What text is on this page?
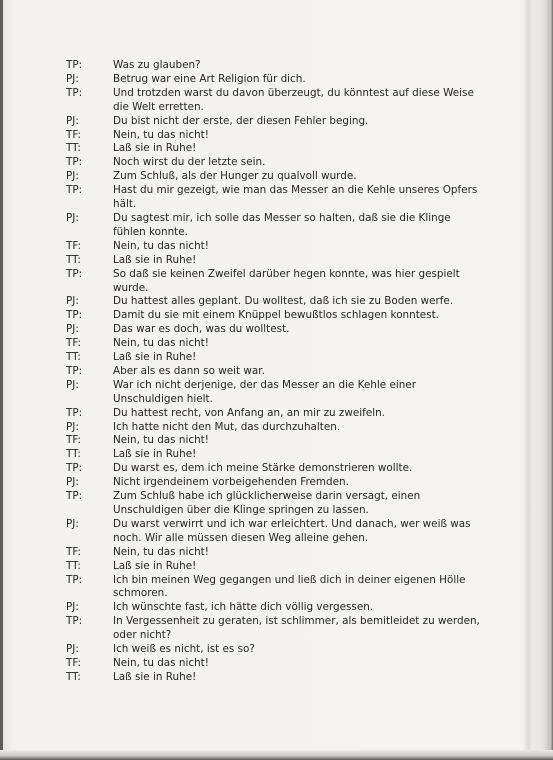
TP:	Was zu glauben?
PJ:	Betrug war eine Art Religion für dich.
TP:	Und trotzden warst du davon überzeugt, du könntest auf diese Weise die Welt erretten.
PJ:	Du bist nicht der erste, der diesen Fehler beging.
TF:	Nein, tu das nicht!
TT:	Laß sie in Ruhe!
TP:	Noch wirst du der letzte sein.
PJ:	Zum Schluß, als der Hunger zu qualvoll wurde.
TP:	Hast du mir gezeigt, wie man das Messer an die Kehle unseres Opfers hält.
PJ:	Du sagtest mir, ich solle das Messer so halten, daß sie die Klinge fühlen konnte.
TF:	Nein, tu das nicht!
TT:	Laß sie in Ruhe!
TP:	So daß sie keinen Zweifel darüber hegen konnte, was hier gespielt wurde.
PJ:	Du hattest alles geplant. Du wolltest, daß ich sie zu Boden werfe.
TP:	Damit du sie mit einem Knüppel bewußtlos schlagen konntest.
PJ:	Das war es doch, was du wolltest.
TF:	Nein, tu das nicht!
TT:	Laß sie in Ruhe!
TP:	Aber als es dann so weit war.
PJ:	War ich nicht derjenige, der das Messer an die Kehle einer Unschuldigen hielt.
TP:	Du hattest recht, von Anfang an, an mir zu zweifeln.
PJ:	Ich hatte nicht den Mut, das durchzuhalten.
TF:	Nein, tu das nicht!
TT:	Laß sie in Ruhe!
TP:	Du warst es, dem ich meine Stärke demonstrieren wollte.
PJ:	Nicht irgendeinem vorbeigehenden Fremden.
TP:	Zum Schluß habe ich glücklicherweise darin versagt, einen Unschuldigen über die Klinge springen zu lassen.
PJ:	Du warst verwirrt und ich war erleichtert. Und danach, wer weiß was noch. Wir alle müssen diesen Weg alleine gehen.
TF:	Nein, tu das nicht!
TT:	Laß sie in Ruhe!
TP:	Ich bin meinen Weg gegangen und ließ dich in deiner eigenen Hölle schmoren.
PJ:	Ich wünschte fast, ich hätte dich völlig vergessen.
TP:	In Vergessenheit zu geraten, ist schlimmer, als bemitleidet zu werden, oder nicht?
PJ:	Ich weiß es nicht, ist es so?
TF:	Nein, tu das nicht!
TT:	Laß sie in Ruhe!
